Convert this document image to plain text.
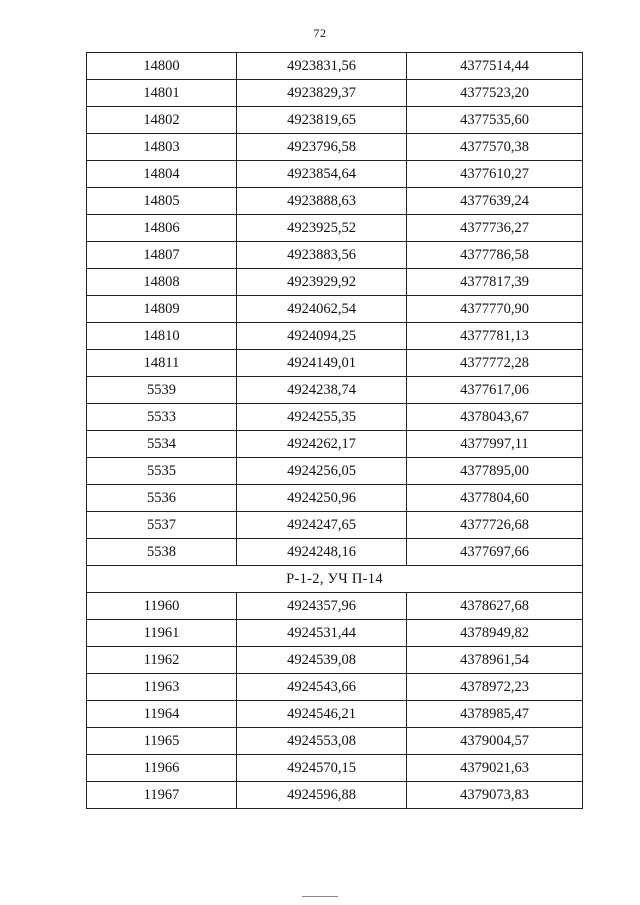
72
14800	4923831,56	4377514,44
14801	4923829,37	4377523,20
14802	4923819,65	4377535,60
14803	4923796,58	4377570,38
14804	4923854,64	4377610,27
14805	4923888,63	4377639,24
14806	4923925,52	4377736,27
14807	4923883,56	4377786,58
14808	4923929,92	4377817,39
14809	4924062,54	4377770,90
14810	4924094,25	4377781,13
14811	4924149,01	4377772,28
5539	4924238,74	4377617,06
5533	4924255,35	4378043,67
5534	4924262,17	4377997,11
5535	4924256,05	4377895,00
5536	4924250,96	4377804,60
5537	4924247,65	4377726,68
5538	4924248,16	4377697,66
Р-1-2, УЧ П-14		
11960	4924357,96	4378627,68
11961	4924531,44	4378949,82
11962	4924539,08	4378961,54
11963	4924543,66	4378972,23
11964	4924546,21	4378985,47
11965	4924553,08	4379004,57
11966	4924570,15	4379021,63
11967	4924596,88	4379073,83
